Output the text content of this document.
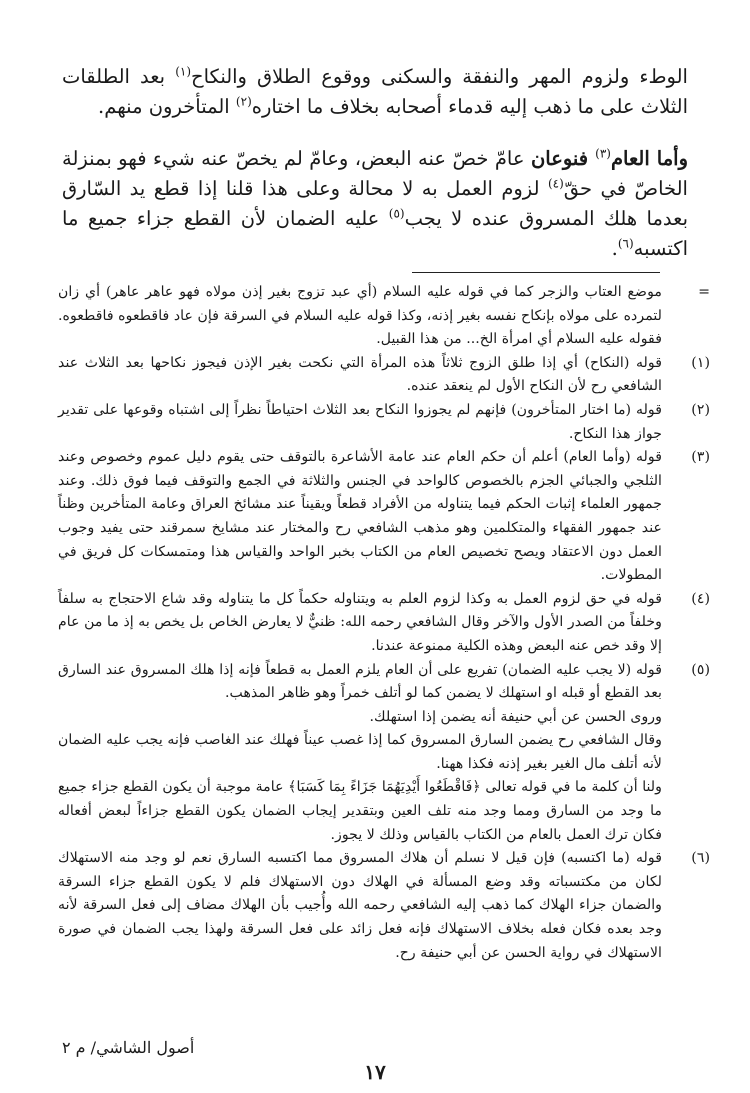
الوطء ولزوم المهر والنفقة والسكنى ووقوع الطلاق والنكاح$^{(١)}$ بعد الطلقات الثلاث على ما ذهب إليه قدماء أصحابه بخلاف ما اختاره$^{(٢)}$ المتأخرون منهم.

وأما العام$^{(٣)}$ فنوعان عامّ خصّ عنه البعض، وعامّ لم يخصّ عنه شيء فهو بمنزلة الخاصّ في حقّ$^{(٤)}$ لزوم العمل به لا محالة وعلى هذا قلنا إذا قطع يد السّارق بعدما هلك المسروق عنده لا يجب$^{(٥)}$ عليه الضمان لأن القطع جزاء جميع ما اكتسبه$^{(٦)}$.

=

موضع العتاب والزجر كما في قوله عليه السلام (أي عبد تزوج بغير إذن مولاه فهو عاهر عاهر) أي زان لتمرده على مولاه بإنكاح نفسه بغير إذنه، وكذا قوله عليه السلام في السرقة فإن عاد فاقطعوه فاقطعوه. فقوله عليه السلام أي امرأة الخ... من هذا القبيل.

(١)

قوله (النكاح) أي إذا طلق الزوج ثلاثاً هذه المرأة التي نكحت بغير الإذن فيجوز نكاحها بعد الثلاث عند الشافعي رح لأن النكاح الأول لم ينعقد عنده.

(٢)

قوله (ما اختار المتأخرون) فإنهم لم يجوزوا النكاح بعد الثلاث احتياطاً نظراً إلى اشتباه وقوعها على تقدير جواز هذا النكاح.

(٣)

قوله (وأما العام) أعلم أن حكم العام عند عامة الأشاعرة بالتوقف حتى يقوم دليل عموم وخصوص وعند الثلجي والجبائي الجزم بالخصوص كالواحد في الجنس والثلاثة في الجمع والتوقف فيما فوق ذلك. وعند جمهور العلماء إثبات الحكم فيما يتناوله من الأفراد قطعاً ويقيناً عند مشائخ العراق وعامة المتأخرين وظناً عند جمهور الفقهاء والمتكلمين وهو مذهب الشافعي رح والمختار عند مشايخ سمرقند حتى يفيد وجوب العمل دون الاعتقاد ويصح تخصيص العام من الكتاب بخبر الواحد والقياس هذا ومتمسكات كل فريق في المطولات.

(٤)

قوله في حق لزوم العمل به وكذا لزوم العلم به ويتناوله حكماً كل ما يتناوله وقد شاع الاحتجاج به سلفاً وخلفاً من الصدر الأول والآخر وقال الشافعي رحمه الله: ظنيٌّ لا يعارض الخاص بل يخص به إذ ما من عام إلا وقد خص عنه البعض وهذه الكلية ممنوعة عندنا.

(٥)

قوله (لا يجب عليه الضمان) تفريع على أن العام يلزم العمل به قطعاً فإنه إذا هلك المسروق عند السارق بعد القطع أو قبله او استهلك لا يضمن كما لو أتلف خمراً وهو ظاهر المذهب.

وروى الحسن عن أبي حنيفة أنه يضمن إذا استهلك.

وقال الشافعي رح يضمن السارق المسروق كما إذا غصب عيناً فهلك عند الغاصب فإنه يجب عليه الضمان لأنه أتلف مال الغير بغير إذنه فكذا ههنا.

ولنا أن كلمة ما في قوله تعالى ﴿فَاقْطَعُوا أَيْدِيَهُمَا جَزَاءً بِمَا كَسَبَا﴾ عامة موجبة أن يكون القطع جزاء جميع ما وجد من السارق ومما وجد منه تلف العين وبتقدير إيجاب الضمان يكون القطع جزاءاً لبعض أفعاله فكان ترك العمل بالعام من الكتاب بالقياس وذلك لا يجوز.

(٦)

قوله (ما اكتسبه) فإن قيل لا نسلم أن هلاك المسروق مما اكتسبه السارق نعم لو وجد منه الاستهلاك لكان من مكتسباته وقد وضع المسألة في الهلاك دون الاستهلاك فلم لا يكون القطع جزاء السرقة والضمان جزاء الهلاك كما ذهب إليه الشافعي رحمه الله وأُجيب بأن الهلاك مضاف إلى فعل السرقة لأنه وجد بعده فكان فعله بخلاف الاستهلاك فإنه فعل زائد على فعل السرقة ولهذا يجب الضمان في صورة الاستهلاك في رواية الحسن عن أبي حنيفة رح.

أصول الشاشي/ م ٢
١٧
